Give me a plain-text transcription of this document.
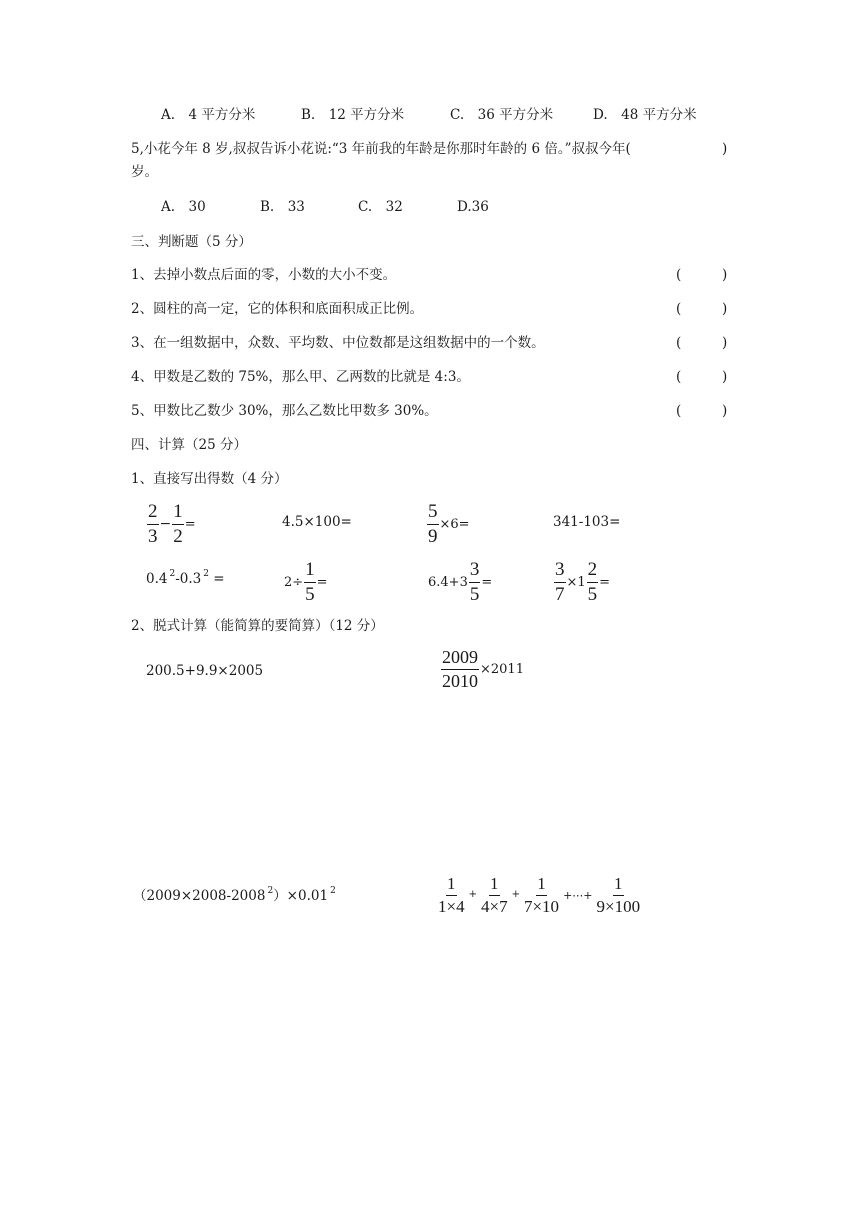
A.　4 平方分米	B.　12 平方分米	C.　36 平方分米	D.　48 平方分米
5,小花今年 8 岁,叔叔告诉小花说:“3 年前我的年龄是你那时年龄的 6 倍。”叔叔今年(	)
岁。
A.　30	B.　33	C.　32	D.36
三、判断题（5 分）
1、去掉小数点后面的零，小数的大小不变。	(	)
2、圆柱的高一定，它的体积和底面积成正比例。	(	)
3、在一组数据中，众数、平均数、中位数都是这组数据中的一个数。	(	)
4、甲数是乙数的 75%，那么甲、乙两数的比就是 4:3。	(	)
5、甲数比乙数少 30%，那么乙数比甲数多 30%。	(	)
四、计算（25 分）
1、直接写出得数（4 分）
$\frac{2}{3} - \frac{1}{2}$ =	4.5×100=	$\frac{5}{9} \times 6=$	341-103=
0.4 $^2$-0.3 $^2$ =	$2\div \frac{1}{5}$ =	$6.4+3 \frac{3}{5}$ =	$\frac{3}{7} \times 1 \frac{2}{5}$ =
2、脱式计算（能简算的要简算）（12 分）
200.5+9.9×2005	$\frac{2009}{2010} \times 2011$
（2009×2008-2008 $^2$）×0.01 $^2$	$\frac{1}{1\times 4} + \frac{1}{4\times 7} + \frac{1}{7\times 10}$ +⋯+ $\frac{1}{9\times 100}$
